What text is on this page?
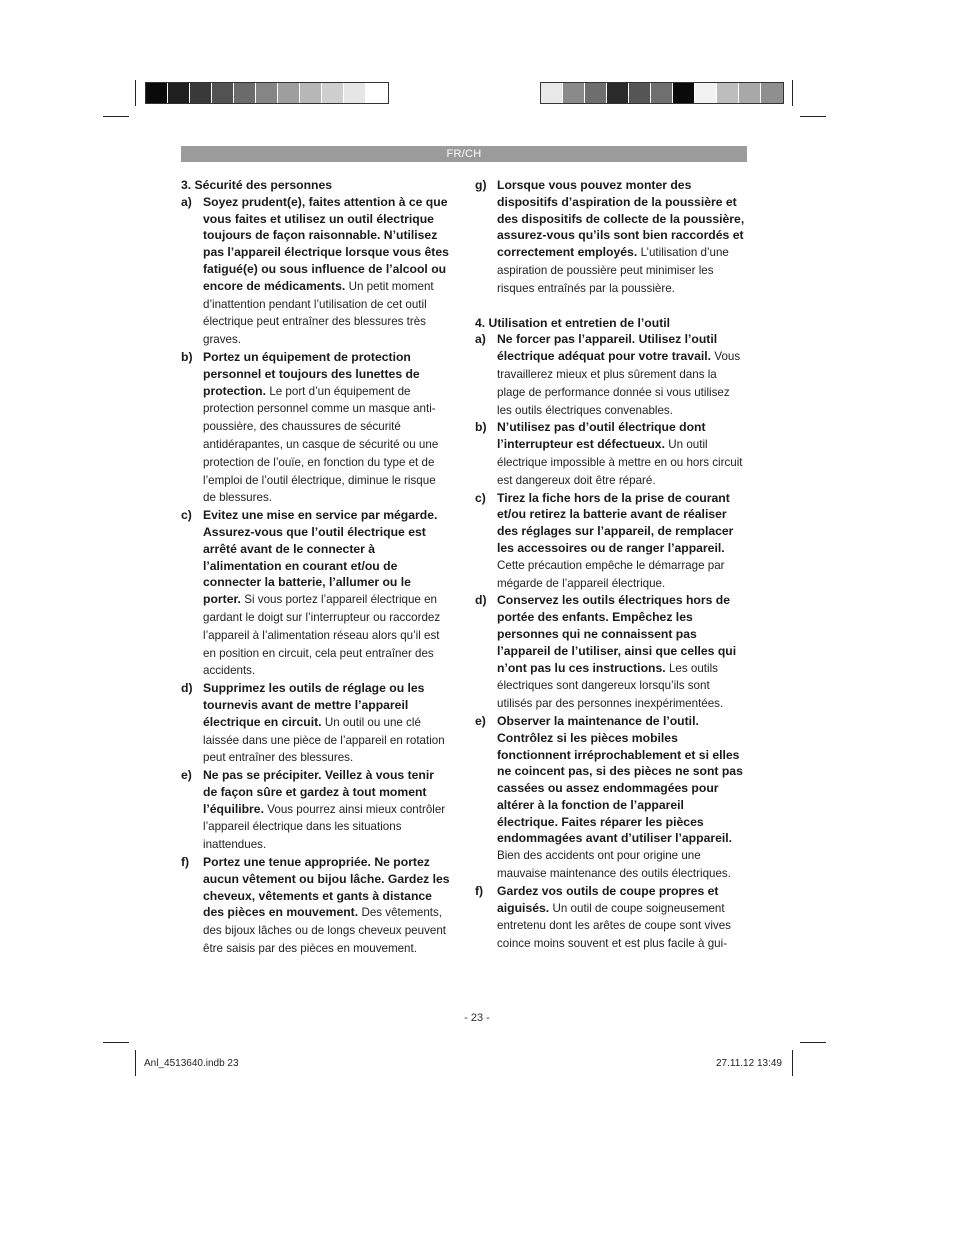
FR/CH
3. Sécurité des personnes
a) Soyez prudent(e), faites attention à ce que vous faites et utilisez un outil électrique toujours de façon raisonnable. N’utilisez pas l’appareil électrique lorsque vous êtes fatigué(e) ou sous influence de l’alcool ou encore de médicaments. Un petit moment d’inattention pendant l’utilisation de cet outil électrique peut entraîner des blessures très graves.
b) Portez un équipement de protection personnel et toujours des lunettes de protection. Le port d’un équipement de protection personnel comme un masque anti-poussière, des chaussures de sécurité antidérapantes, un casque de sécurité ou une protection de l’ouïe, en fonction du type et de l’emploi de l’outil électrique, diminue le risque de blessures.
c) Evitez une mise en service par mégarde. Assurez-vous que l’outil électrique est arrêté avant de le connecter à l’alimentation en courant et/ou de connecter la batterie, l’allumer ou le porter. Si vous portez l’appareil électrique en gardant le doigt sur l’interrupteur ou raccordez l’appareil à l’alimentation réseau alors qu’il est en position en circuit, cela peut entraîner des accidents.
d) Supprimez les outils de réglage ou les tournevis avant de mettre l’appareil électrique en circuit. Un outil ou une clé laissée dans une pièce de l’appareil en rotation peut entraîner des blessures.
e) Ne pas se précipiter. Veillez à vous tenir de façon sûre et gardez à tout moment l’équilibre. Vous pourrez ainsi mieux contrôler l’appareil électrique dans les situations inattendues.
f) Portez une tenue appropriée. Ne portez aucun vêtement ou bijou lâche. Gardez les cheveux, vêtements et gants à distance des pièces en mouvement. Des vêtements, des bijoux lâches ou de longs cheveux peuvent être saisis par des pièces en mouvement.
g) Lorsque vous pouvez monter des dispositifs d’aspiration de la poussière et des dispositifs de collecte de la poussière, assurez-vous qu’ils sont bien raccordés et correctement employés. L’utilisation d’une aspiration de poussière peut minimiser les risques entraînés par la poussière.
4. Utilisation et entretien de l’outil
a) Ne forcer pas l’appareil. Utilisez l’outil électrique adéquat pour votre travail. Vous travaillerez mieux et plus sûrement dans la plage de performance donnée si vous utilisez les outils électriques convenables.
b) N’utilisez pas d’outil électrique dont l’interrupteur est défectueux. Un outil électrique impossible à mettre en ou hors circuit est dangereux doit être réparé.
c) Tirez la fiche hors de la prise de courant et/ou retirez la batterie avant de réaliser des réglages sur l’appareil, de remplacer les accessoires ou de ranger l’appareil. Cette précaution empêche le démarrage par mégarde de l’appareil électrique.
d) Conservez les outils électriques hors de portée des enfants. Empêchez les personnes qui ne connaissent pas l’appareil de l’utiliser, ainsi que celles qui n’ont pas lu ces instructions. Les outils électriques sont dangereux lorsqu’ils sont utilisés par des personnes inexpérimentées.
e) Observer la maintenance de l’outil. Contrôlez si les pièces mobiles fonctionnent irréprochablement et si elles ne coincent pas, si des pièces ne sont pas cassées ou assez endommagées pour altérer à la fonction de l’appareil électrique. Faites réparer les pièces endommagées avant d’utiliser l’appareil. Bien des accidents ont pour origine une mauvaise maintenance des outils électriques.
f) Gardez vos outils de coupe propres et aiguisés. Un outil de coupe soigneusement entretenu dont les arêtes de coupe sont vives coince moins souvent et est plus facile à gui-
- 23 -
Anl_4513640.indb 23	27.11.12 13:49
